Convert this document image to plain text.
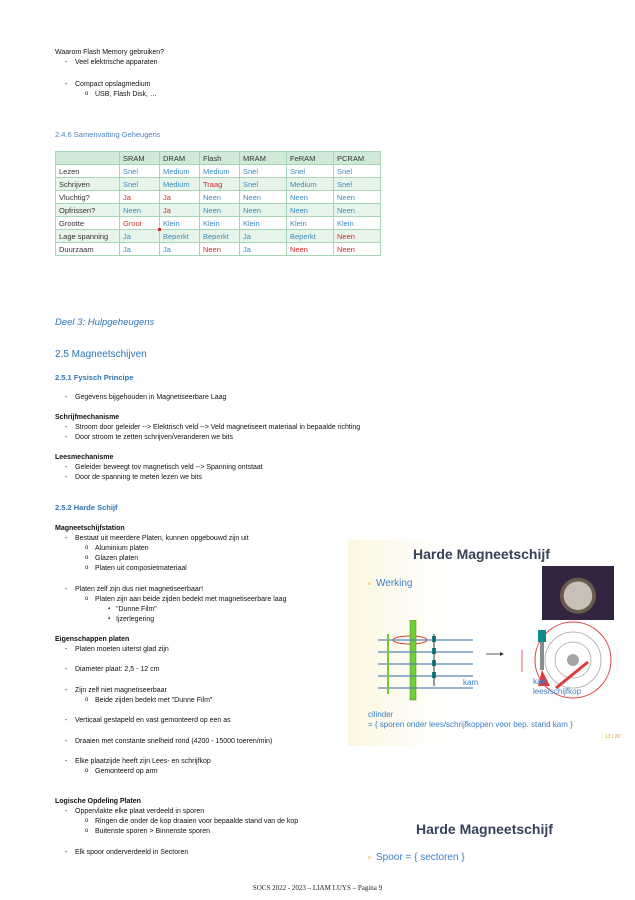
Waarom Flash Memory gebruiken?
- Veel elektrische apparaten
- Compact opslagmedium
o USB, Flash Disk, …
2.4.6 Samenvatting Geheugens
	SRAM	DRAM	Flash	MRAM	FeRAM	PCRAM
Lezen	Snel	Medium	Medium	Snel	Snel	Snel
Schrijven	Snel	Medium	Traag	Snel	Medium	Snel
Vluchtig?	Ja	Ja	Neen	Neen	Neen	Neen
Opfrissen?	Neen	Ja	Neen	Neen	Neen	Neen
Grootte	Groot	Klein	Klein	Klein	Klein	Klein
Lage spanning	Ja	Beperkt	Beperkt	Ja	Beperkt	Neen
Duurzaam	Ja	Ja	Neen	Ja	Neen	Neen
Deel 3: Hulpgeheugens
2.5 Magneetschijven
2.5.1 Fysisch Principe
- Gegevens bijgehouden in Magnetiseerbare Laag
Schrijfmechanisme
- Stroom door geleider --> Elektrisch veld --> Veld magnetiseert materiaal in bepaalde richting
- Door stroom te zetten schrijven/veranderen we bits
Leesmechanisme
- Geleider beweegt tov magnetisch veld --> Spanning ontstaat
- Door de spanning te meten lezen we bits
2.5.2 Harde Schijf
Magneetschijfstation
- Bestaat uit meerdere Platen, kunnen opgebouwd zijn uit
o Aluminium platen
o Glazen platen
o Platen uit composietmateriaal
- Platen zelf zijn dus niet magnetiseerbaar!
o Platen zijn aan beide zijden bedekt met magnetiseerbare laag
▪ "Dunne Film"
▪ Ijzerlegering
Eigenschappen platen
- Platen moeten uiterst glad zijn
- Diameter plaat: 2,5 - 12 cm
- Zijn zelf niet magnetiseerbaar
o Beide zijden bedekt met "Dunne Film"
- Verticaal gestapeld en vast gemonteerd op een as
- Draaien met constante snelheid rond (4200 - 15000 toeren/min)
- Elke plaatzijde heeft zijn Lees- en schrijfkop
o Gemonteerd op arm
Logische Opdeling Platen
- Oppervlakte elke plaat verdeeld in sporen
o Ringen die onder de kop draaien voor bepaalde stand van de kop
o Buitenste sporen > Binnenste sporen
- Elk spoor onderverdeeld in Sectoren
Harde Magneetschijf
o Werking
kam	kam
lees/schijfkop
cilinder
= { sporen onder lees/schrijfkoppen voor bep. stand kam }
13 / 20
Harde Magneetschijf
o Spoor = { sectoren }
SOCS 2022 - 2023 – LIAM LUYS – Pagina 9
